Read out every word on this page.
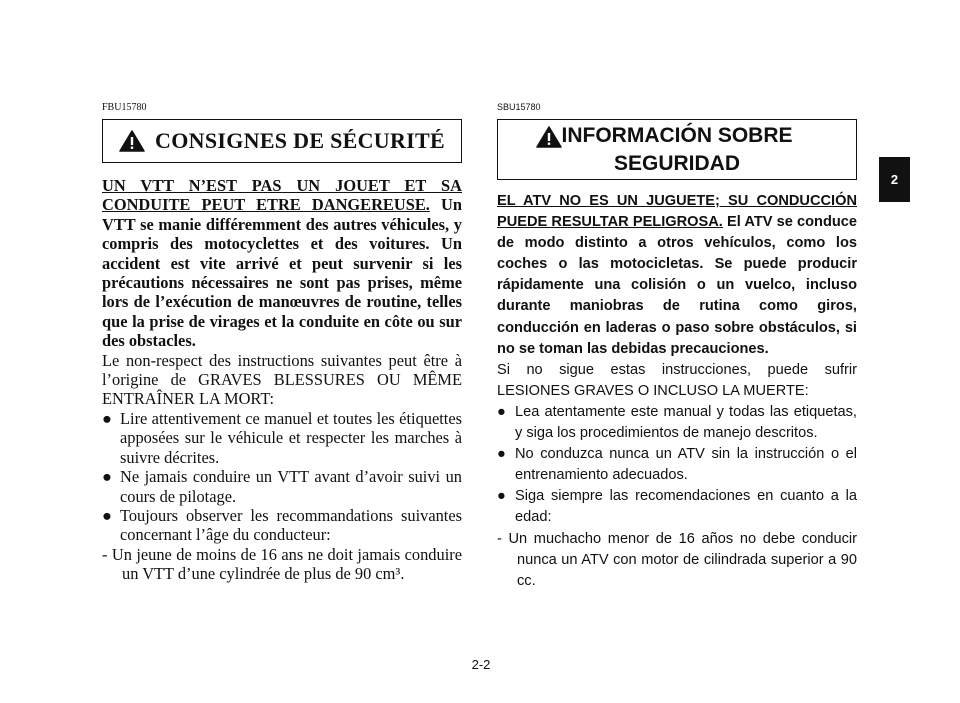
FBU15780
CONSIGNES DE SÉCURITÉ

UN VTT N’EST PAS UN JOUET ET SA CONDUITE PEUT ETRE DANGEREUSE. Un VTT se manie différemment des autres véhicules, y compris des motocyclettes et des voitures. Un accident est vite arrivé et peut survenir si les précautions nécessaires ne sont pas prises, même lors de l’exécution de manœuvres de routine, telles que la prise de virages et la conduite en côte ou sur des obstacles.

Le non-respect des instructions suivantes peut être à l’origine de GRAVES BLESSURES OU MÊME ENTRAÎNER LA MORT:

● Lire attentivement ce manuel et toutes les étiquettes apposées sur le véhicule et respecter les marches à suivre décrites.

● Ne jamais conduire un VTT avant d’avoir suivi un cours de pilotage.

● Toujours observer les recommandations suivantes concernant l’âge du conducteur:

- Un jeune de moins de 16 ans ne doit jamais conduire un VTT d’une cylindrée de plus de 90 cm³.

SBU15780
INFORMACIÓN SOBRE SEGURIDAD

EL ATV NO ES UN JUGUETE; SU CONDUCCIÓN PUEDE RESULTAR PELIGROSA. El ATV se conduce de modo distinto a otros vehículos, como los coches o las motocicletas. Se puede producir rápidamente una colisión o un vuelco, incluso durante maniobras de rutina como giros, conducción en laderas o paso sobre obstáculos, si no se toman las debidas precauciones.

Si no sigue estas instrucciones, puede sufrir LESIONES GRAVES O INCLUSO LA MUERTE:

● Lea atentamente este manual y todas las etiquetas, y siga los procedimientos de manejo descritos.

● No conduzca nunca un ATV sin la instrucción o el entrenamiento adecuados.

● Siga siempre las recomendaciones en cuanto a la edad:

- Un muchacho menor de 16 años no debe conducir nunca un ATV con motor de cilindrada superior a 90 cc.

2-2
2
